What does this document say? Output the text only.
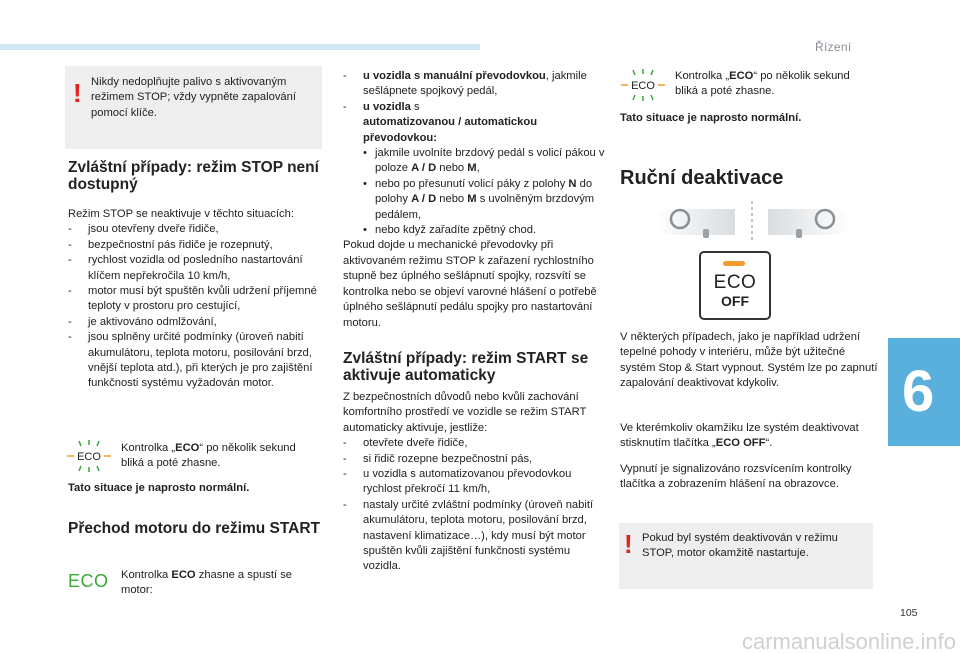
Řízení
6
105
carmanualsonline.info
! Nikdy nedoplňujte palivo s aktivovaným režimem STOP; vždy vypněte zapalování pomocí klíče.
Zvláštní případy: režim STOP není dostupný

Režim STOP se neaktivuje v těchto situacích:

- jsou otevřeny dveře řidiče,
- bezpečnostní pás řidiče je rozepnutý,
- rychlost vozidla od posledního nastartování klíčem nepřekročila 10 km/h,
- motor musí být spuštěn kvůli udržení příjemné teploty v prostoru pro cestující,
- je aktivováno odmlžování,
- jsou splněny určité podmínky (úroveň nabití akumulátoru, teplota motoru, posilování brzd, vnější teplota atd.), při kterých je pro zajištění funkčnosti systému vyžadován motor.
ECO

Kontrolka „ECO“ po několik sekund bliká a poté zhasne.

Tato situace je naprosto normální.

Přechod motoru do režimu START
ECO Kontrolka ECO zhasne a spustí se motor:

- u vozidla s manuální převodovkou, jakmile sešlápnete spojkový pedál,
- u vozidla s
automatizovanou / automatickou převodovkou:
• jakmile uvolníte brzdový pedál s volicí pákou v poloze A / D nebo M,
• nebo po přesunutí volicí páky z polohy N do polohy A / D nebo M s uvolněným brzdovým pedálem,
• nebo když zařadíte zpětný chod.

Pokud dojde u mechanické převodovky při aktivovaném režimu STOP k zařazení rychlostního stupně bez úplného sešlápnutí spojky, rozsvítí se kontrolka nebo se objeví varovné hlášení o potřebě úplného sešlápnutí pedálu spojky pro nastartování motoru.

Zvláštní případy: režim START se aktivuje automaticky

Z bezpečnostních důvodů nebo kvůli zachování komfortního prostředí ve vozidle se režim START automaticky aktivuje, jestliže:

- otevřete dveře řidiče,
- si řidič rozepne bezpečnostní pás,
- u vozidla s automatizovanou převodovkou rychlost překročí 11 km/h,
- nastaly určité zvláštní podmínky (úroveň nabití akumulátoru, teplota motoru, posilování brzd, nastavení klimatizace…), kdy musí být motor spuštěn kvůli zajištění funkčnosti systému vozidla.
ECO

Kontrolka „ECO“ po několik sekund bliká a poté zhasne.

Tato situace je naprosto normální.

Ruční deaktivace
ECO
OFF

V některých případech, jako je například udržení tepelné pohody v interiéru, může být užitečné systém Stop & Start vypnout. Systém lze po zapnutí zapalování deaktivovat kdykoliv.

Ve kterémkoliv okamžiku lze systém deaktivovat stisknutím tlačítka „ECO OFF“.

Vypnutí je signalizováno rozsvícením kontrolky tlačítka a zobrazením hlášení na obrazovce.

! Pokud byl systém deaktivován v režimu STOP, motor okamžitě nastartuje.
